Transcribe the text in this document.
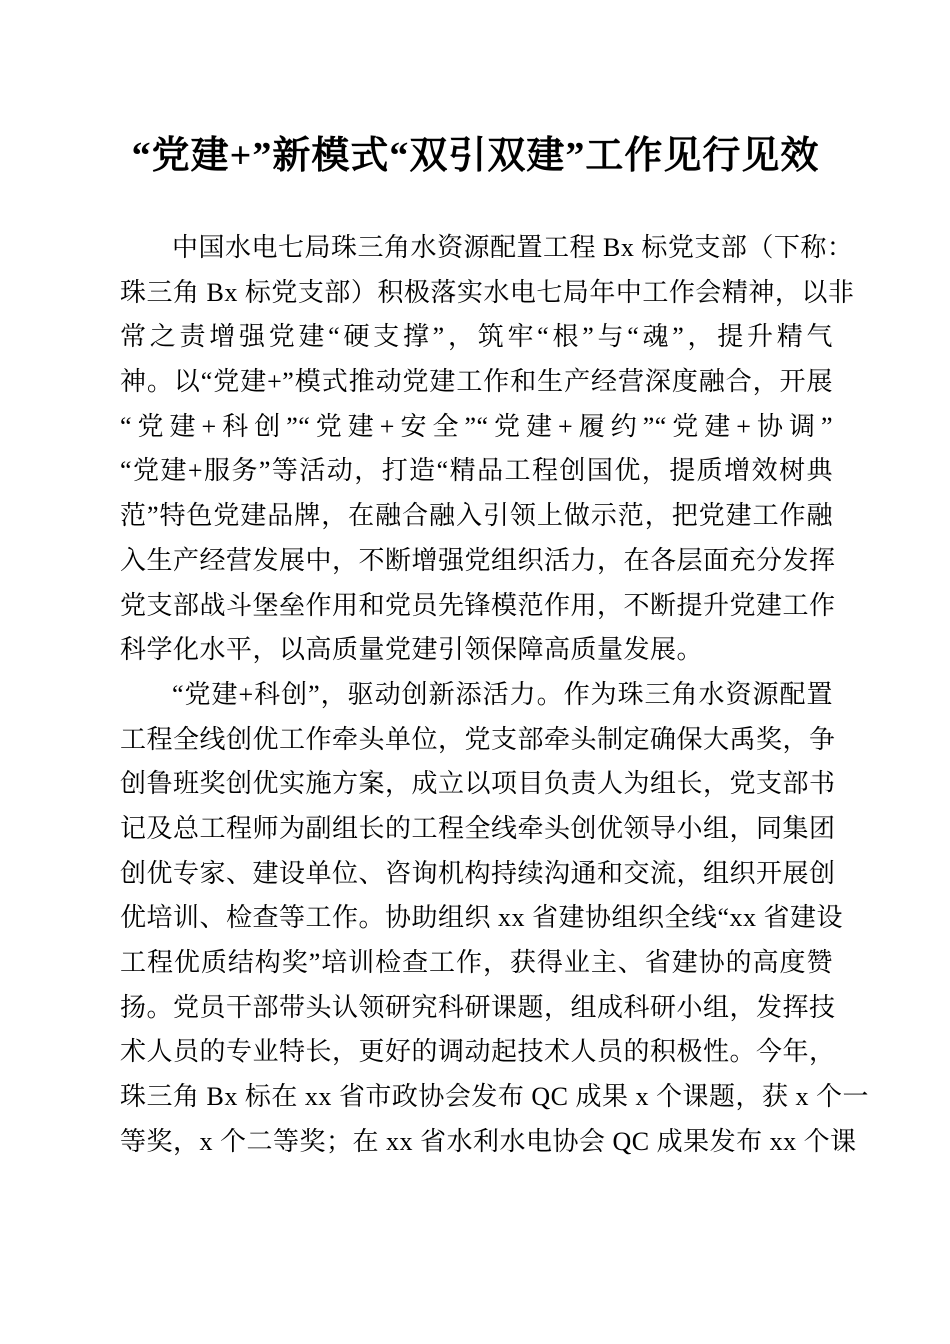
“党建+”新模式“双引双建”工作见行见效
中国水电七局珠三角水资源配置工程 Bx 标党支部（下称：
珠三角 Bx 标党支部）积极落实水电七局年中工作会精神，以非
常之责增强党建“硬支撑”，筑牢“根”与“魂”，提升精气
神。以“党建+”模式推动党建工作和生产经营深度融合，开展
“党建+科创”“党建+安全”“党建+履约”“党建+协调”
“党建+服务”等活动，打造“精品工程创国优，提质增效树典
范”特色党建品牌，在融合融入引领上做示范，把党建工作融
入生产经营发展中，不断增强党组织活力，在各层面充分发挥
党支部战斗堡垒作用和党员先锋模范作用，不断提升党建工作
科学化水平，以高质量党建引领保障高质量发展。
“党建+科创”，驱动创新添活力。作为珠三角水资源配置
工程全线创优工作牵头单位，党支部牵头制定确保大禹奖，争
创鲁班奖创优实施方案，成立以项目负责人为组长，党支部书
记及总工程师为副组长的工程全线牵头创优领导小组，同集团
创优专家、建设单位、咨询机构持续沟通和交流，组织开展创
优培训、检查等工作。协助组织 xx 省建协组织全线“xx 省建设
工程优质结构奖”培训检查工作，获得业主、省建协的高度赞
扬。党员干部带头认领研究科研课题，组成科研小组，发挥技
术人员的专业特长，更好的调动起技术人员的积极性。今年，
珠三角 Bx 标在 xx 省市政协会发布 QC 成果 x 个课题，获 x 个一
等奖，x 个二等奖；在 xx 省水利水电协会 QC 成果发布 xx 个课
